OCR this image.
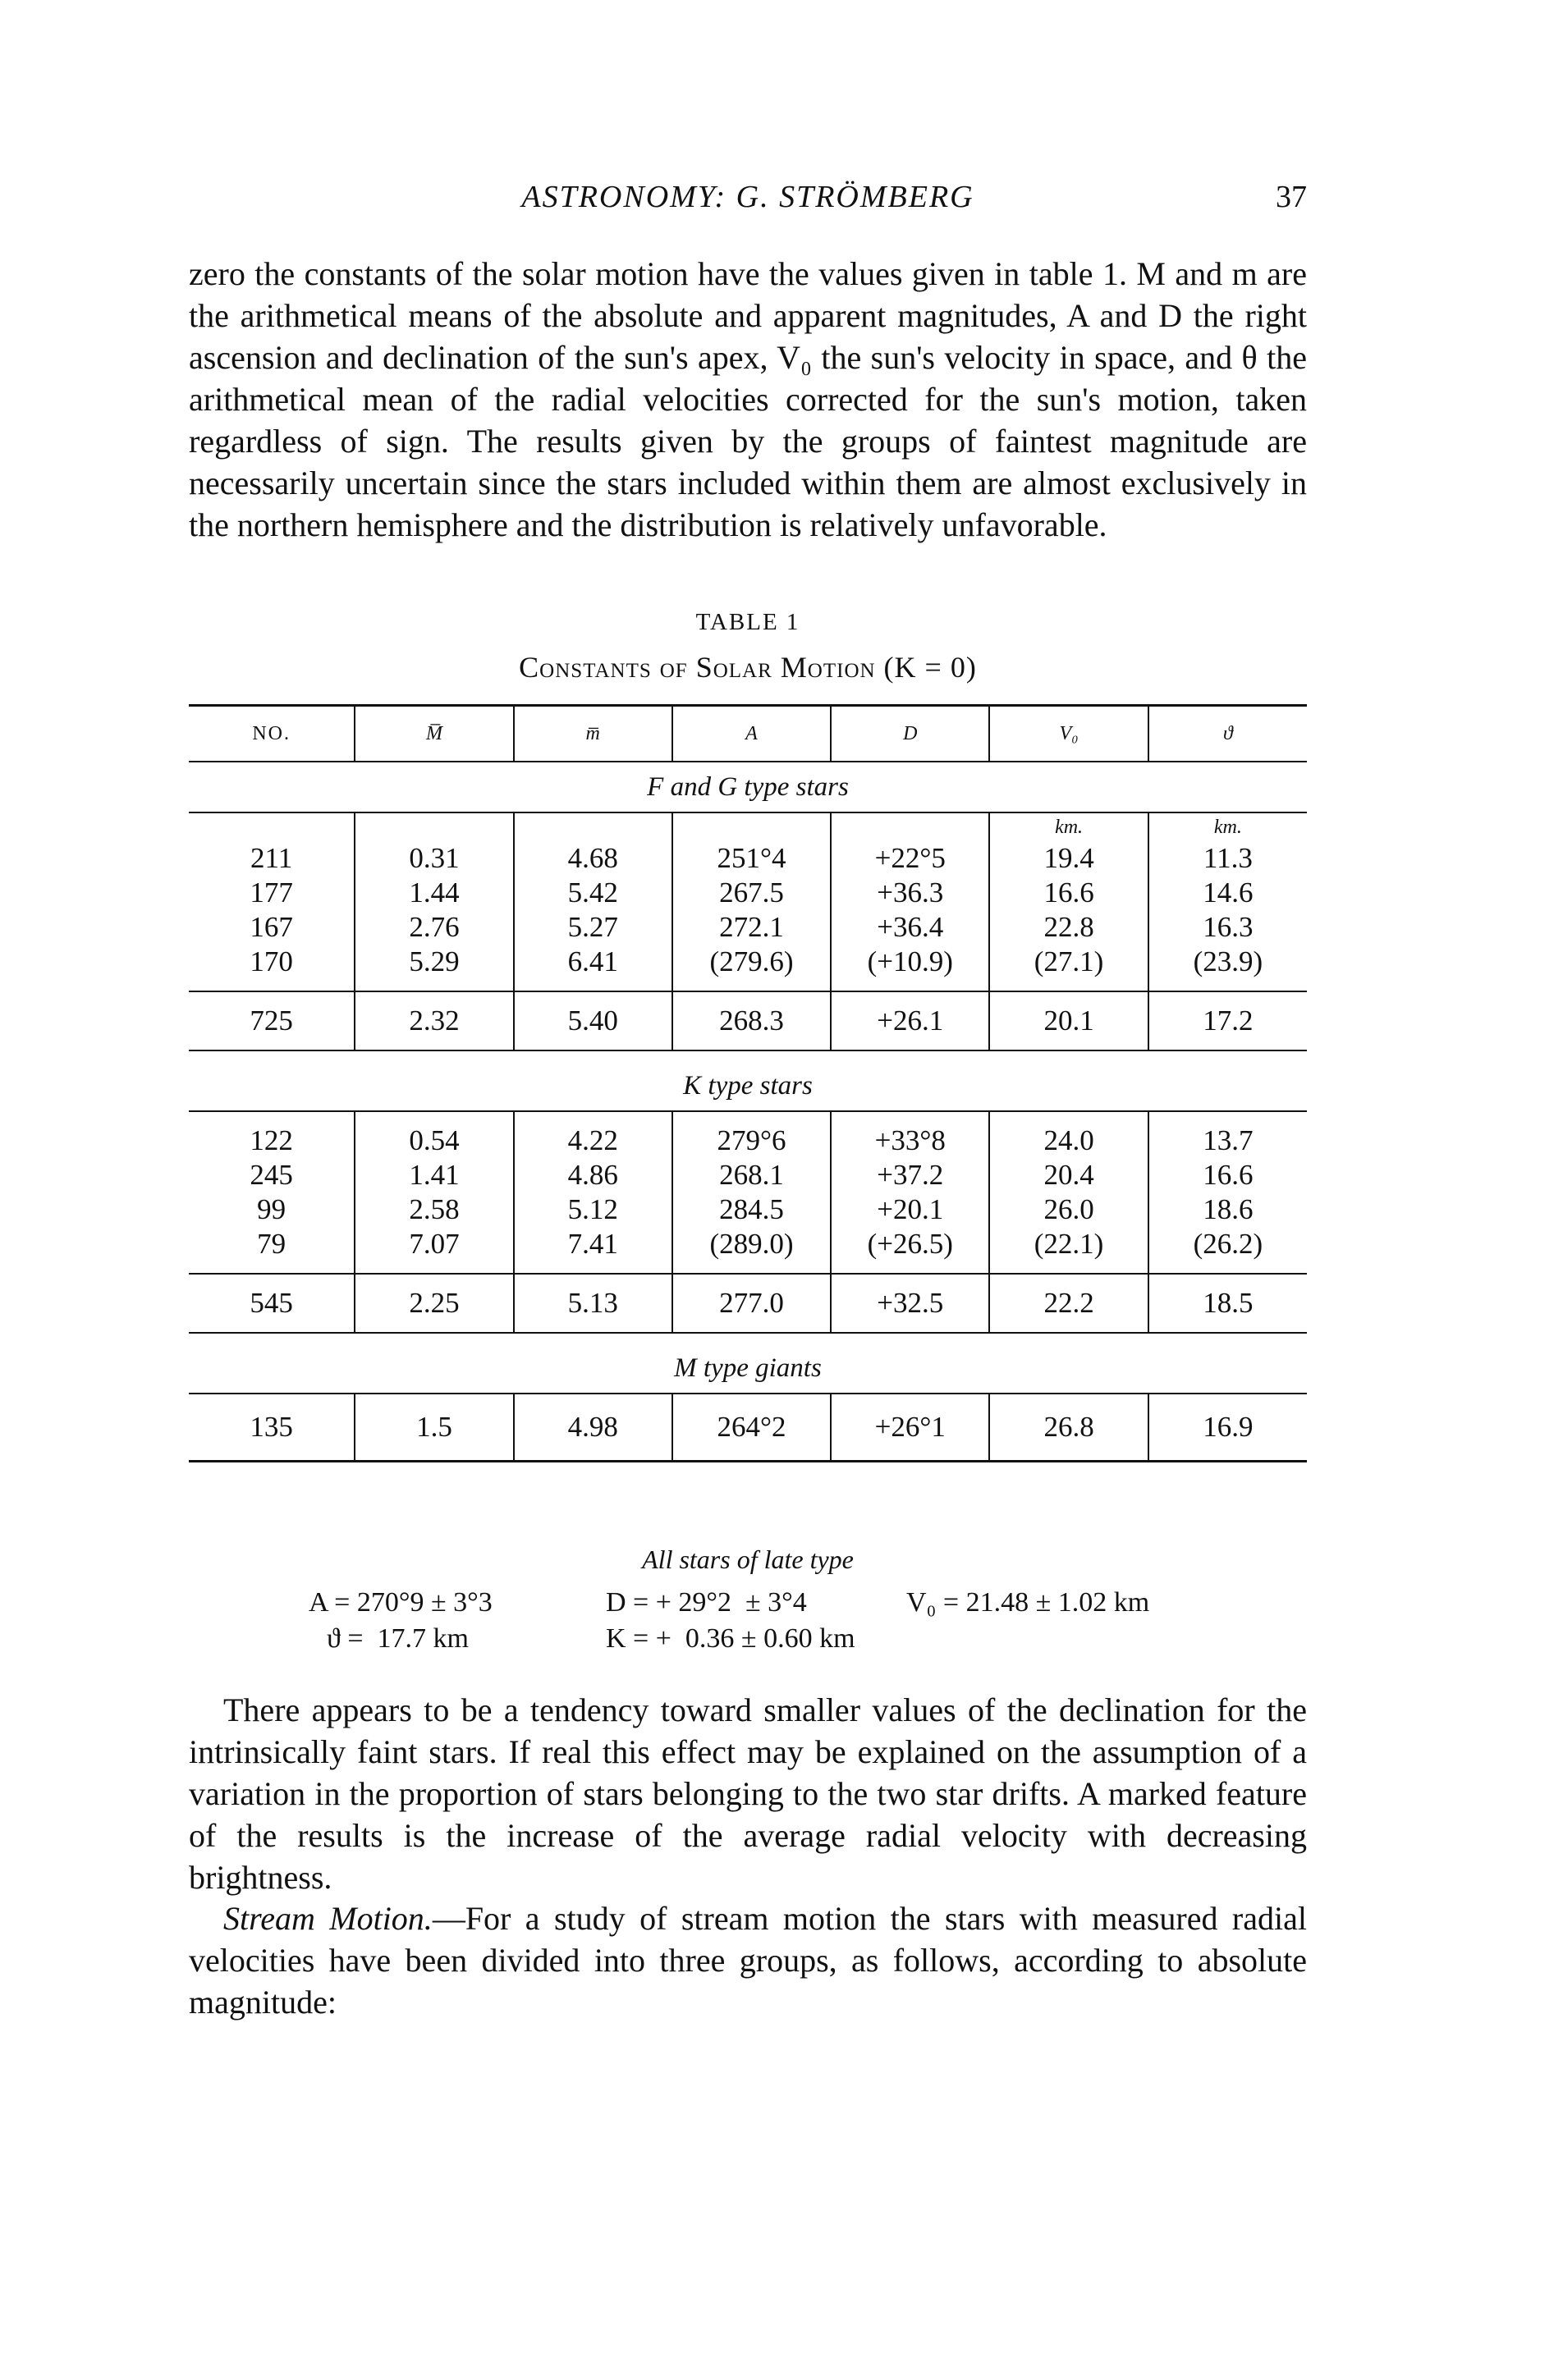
ASTRONOMY: G. STRÖMBERG	37

zero the constants of the solar motion have the values given in table 1. M and m are the arithmetical means of the absolute and apparent magnitudes, A and D the right ascension and declination of the sun's apex, V₀ the sun's velocity in space, and θ the arithmetical mean of the radial velocities corrected for the sun's motion, taken regardless of sign. The results given by the groups of faintest magnitude are necessarily uncertain since the stars included within them are almost exclusively in the northern hemisphere and the distribution is relatively unfavorable.

TABLE 1
Constants of Solar Motion (K = 0)
NO.	M̅	m̅	A	D	V₀	ϑ
F and G type stars						
					km.	km.
211	0.31	4.68	251°4	+22°5	19.4	11.3
177	1.44	5.42	267.5	+36.3	16.6	14.6
167	2.76	5.27	272.1	+36.4	22.8	16.3
170	5.29	6.41	(279.6)	(+10.9)	(27.1)	(23.9)
725	2.32	5.40	268.3	+26.1	20.1	17.2

K type stars						

122	0.54	4.22	279°6	+33°8	24.0	13.7
245	1.41	4.86	268.1	+37.2	20.4	16.6
99	2.58	5.12	284.5	+20.1	26.0	18.6
79	7.07	7.41	(289.0)	(+26.5)	(22.1)	(26.2)
545	2.25	5.13	277.0	+32.5	22.2	18.5

M type giants						
135	1.5	4.98	264°2	+26°1	26.8	16.9
All stars of late type
A = 270°9 ± 3°3	D = + 29°2  ± 3°4	V₀ = 21.48 ± 1.02 km
ϑ =  17.7 km	K = +  0.36 ± 0.60 km

There appears to be a tendency toward smaller values of the declination for the intrinsically faint stars. If real this effect may be explained on the assumption of a variation in the proportion of stars belonging to the two star drifts. A marked feature of the results is the increase of the average radial velocity with decreasing brightness.

Stream Motion.—For a study of stream motion the stars with measured radial velocities have been divided into three groups, as follows, according to absolute magnitude:
